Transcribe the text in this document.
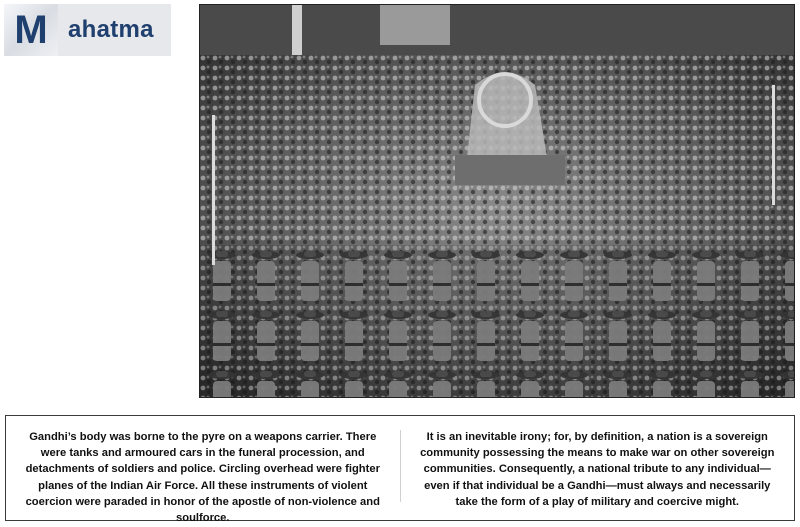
M ahatma
Gandhi’s body was borne to the pyre on a weapons carrier. There were tanks and armoured cars in the funeral procession, and detachments of soldiers and police. Circling overhead were fighter planes of the Indian Air Force. All these instruments of violent coercion were paraded in honor of the apostle of non-violence and soulforce.
It is an inevitable irony; for, by definition, a nation is a sovereign community possessing the means to make war on other sovereign communities. Consequently, a national tribute to any individual—even if that individual be a Gandhi—must always and necessarily take the form of a play of military and coercive might.
